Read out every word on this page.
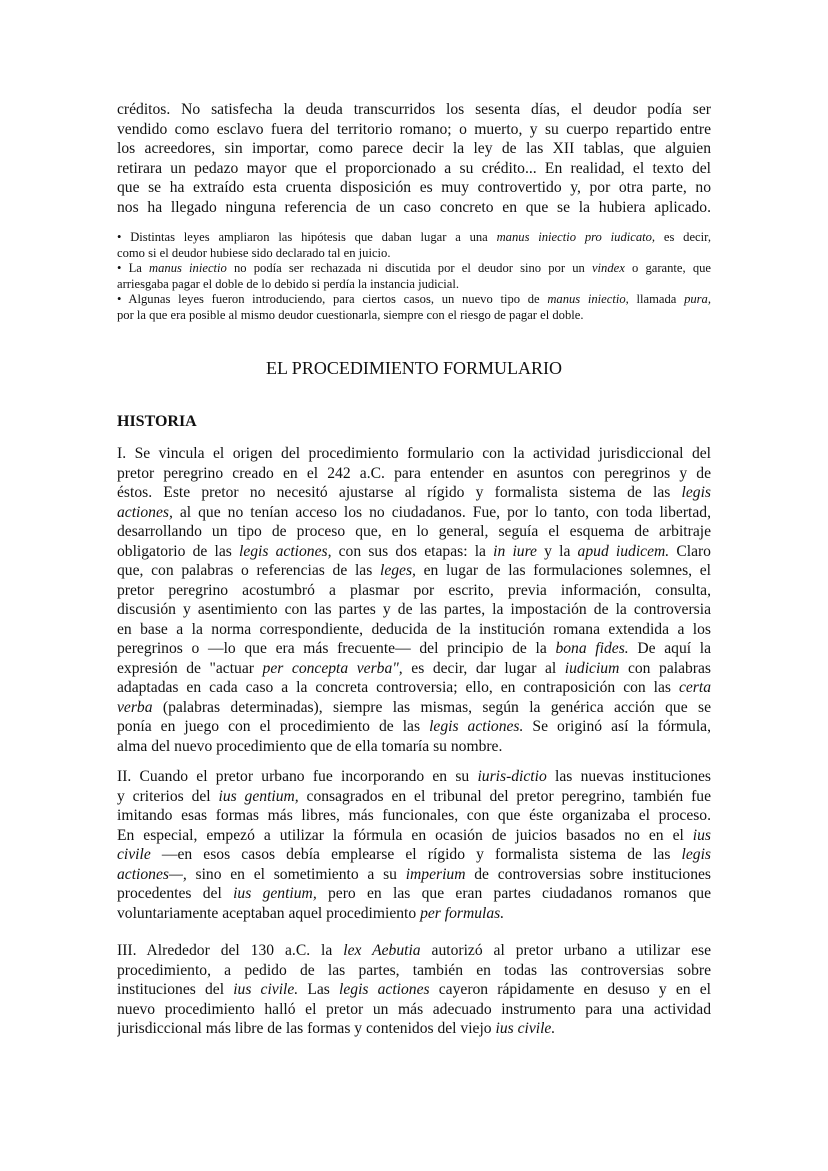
créditos. No satisfecha la deuda transcurridos los sesenta días, el deudor podía ser
vendido como esclavo fuera del territorio romano; o muerto, y su cuerpo repartido entre
los acreedores, sin importar, como parece decir la ley de las XII tablas, que alguien
retirara un pedazo mayor que el proporcionado a su crédito... En realidad, el texto del
que se ha extraído esta cruenta disposición es muy controvertido y, por otra parte, no
nos ha llegado ninguna referencia de un caso concreto en que se la hubiera aplicado.
• Distintas leyes ampliaron las hipótesis que daban lugar a una manus iniectio pro iudicato, es decir,
como si el deudor hubiese sido declarado tal en juicio.
• La manus iniectio no podía ser rechazada ni discutida por el deudor sino por un vindex o garante, que
arriesgaba pagar el doble de lo debido si perdía la instancia judicial.
• Algunas leyes fueron introduciendo, para ciertos casos, un nuevo tipo de manus iniectio, llamada pura,
por la que era posible al mismo deudor cuestionarla, siempre con el riesgo de pagar el doble.
EL PROCEDIMIENTO FORMULARIO
HISTORIA
I. Se vincula el origen del procedimiento formulario con la actividad jurisdiccional del
pretor peregrino creado en el 242 a.C. para entender en asuntos con peregrinos y de
éstos. Este pretor no necesitó ajustarse al rígido y formalista sistema de las legis
actiones, al que no tenían acceso los no ciudadanos. Fue, por lo tanto, con toda libertad,
desarrollando un tipo de proceso que, en lo general, seguía el esquema de arbitraje
obligatorio de las legis actiones, con sus dos etapas: la in iure y la apud iudicem. Claro
que, con palabras o referencias de las leges, en lugar de las formulaciones solemnes, el
pretor peregrino acostumbró a plasmar por escrito, previa información, consulta,
discusión y asentimiento con las partes y de las partes, la impostación de la controversia
en base a la norma correspondiente, deducida de la institución romana extendida a los
peregrinos o —lo que era más frecuente— del principio de la bona fides. De aquí la
expresión de "actuar per concepta verba", es decir, dar lugar al iudicium con palabras
adaptadas en cada caso a la concreta controversia; ello, en contraposición con las certa
verba (palabras determinadas), siempre las mismas, según la genérica acción que se
ponía en juego con el procedimiento de las legis actiones. Se originó así la fórmula,
alma del nuevo procedimiento que de ella tomaría su nombre.
II. Cuando el pretor urbano fue incorporando en su iuris-dictio las nuevas instituciones
y criterios del ius gentium, consagrados en el tribunal del pretor peregrino, también fue
imitando esas formas más libres, más funcionales, con que éste organizaba el proceso.
En especial, empezó a utilizar la fórmula en ocasión de juicios basados no en el ius
civile —en esos casos debía emplearse el rígido y formalista sistema de las legis
actiones—, sino en el sometimiento a su imperium de controversias sobre instituciones
procedentes del ius gentium, pero en las que eran partes ciudadanos romanos que
voluntariamente aceptaban aquel procedimiento per formulas.
III. Alrededor del 130 a.C. la lex Aebutia autorizó al pretor urbano a utilizar ese
procedimiento, a pedido de las partes, también en todas las controversias sobre
instituciones del ius civile. Las legis actiones cayeron rápidamente en desuso y en el
nuevo procedimiento halló el pretor un más adecuado instrumento para una actividad
jurisdiccional más libre de las formas y contenidos del viejo ius civile.
